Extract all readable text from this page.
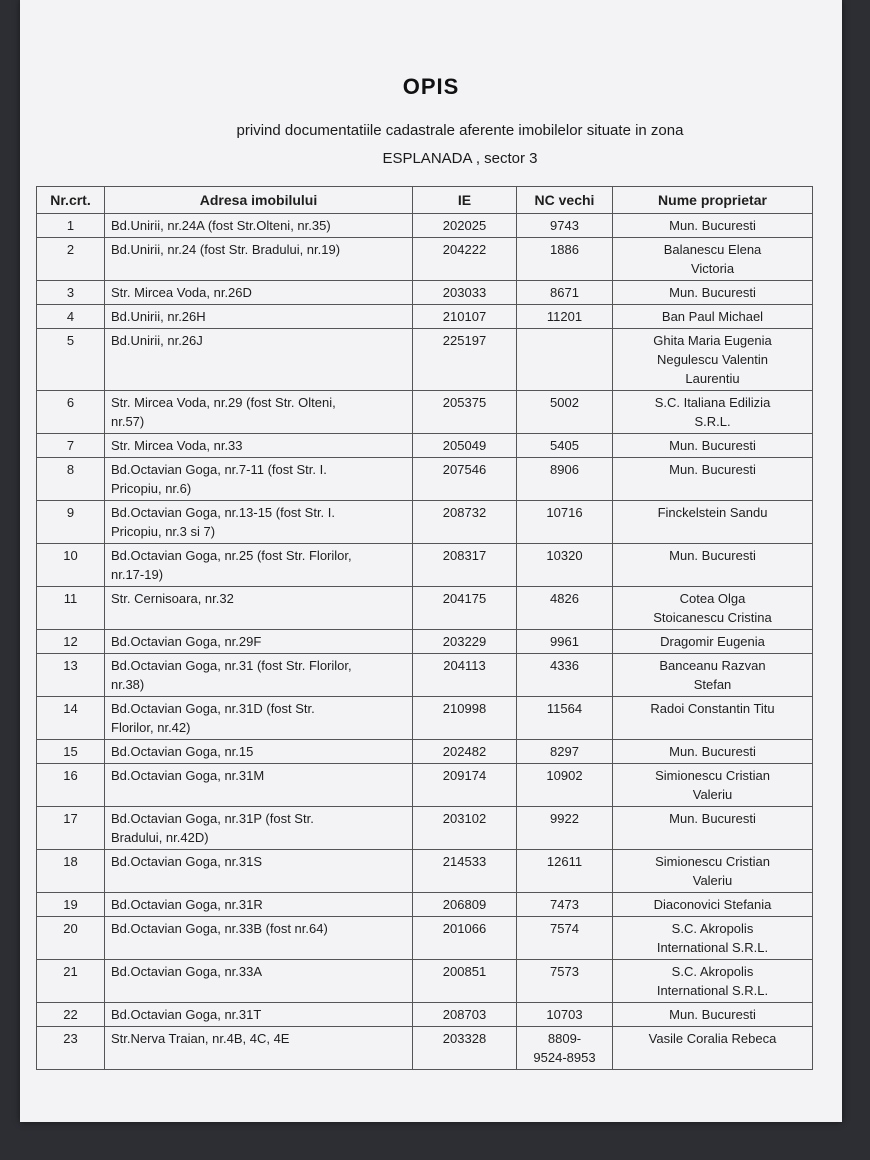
OPIS
privind documentatiile cadastrale aferente imobilelor situate in zona
ESPLANADA , sector 3
Nr.crt.	Adresa imobilului	IE	NC vechi	Nume proprietar
1	Bd.Unirii, nr.24A (fost Str.Olteni, nr.35)	202025	9743	Mun. Bucuresti

2	Bd.Unirii, nr.24 (fost Str. Bradului, nr.19)	204222	1886	Balanescu Elena
Victoria

3	Str. Mircea Voda, nr.26D	203033	8671	Mun. Bucuresti

4	Bd.Unirii, nr.26H	210107	11201	Ban Paul Michael

5	Bd.Unirii, nr.26J	225197		Ghita Maria Eugenia
Negulescu Valentin
Laurentiu

6	Str. Mircea Voda, nr.29 (fost Str. Olteni,
nr.57)	205375	5002	S.C. Italiana Edilizia
S.R.L.

7	Str. Mircea Voda, nr.33	205049	5405	Mun. Bucuresti

8	Bd.Octavian Goga, nr.7-11 (fost Str. I.
Pricopiu, nr.6)	207546	8906	Mun. Bucuresti

9	Bd.Octavian Goga, nr.13-15 (fost Str. I.
Pricopiu, nr.3 si 7)	208732	10716	Finckelstein Sandu

10	Bd.Octavian Goga, nr.25 (fost Str. Florilor,
nr.17-19)	208317	10320	Mun. Bucuresti

11	Str. Cernisoara, nr.32	204175	4826	Cotea Olga
Stoicanescu Cristina

12	Bd.Octavian Goga, nr.29F	203229	9961	Dragomir Eugenia

13	Bd.Octavian Goga, nr.31 (fost Str. Florilor,
nr.38)	204113	4336	Banceanu Razvan
Stefan

14	Bd.Octavian Goga, nr.31D (fost Str.
Florilor, nr.42)	210998	11564	Radoi Constantin Titu

15	Bd.Octavian Goga, nr.15	202482	8297	Mun. Bucuresti

16	Bd.Octavian Goga, nr.31M	209174	10902	Simionescu Cristian
Valeriu

17	Bd.Octavian Goga, nr.31P (fost Str.
Bradului, nr.42D)	203102	9922	Mun. Bucuresti

18	Bd.Octavian Goga, nr.31S	214533	12611	Simionescu Cristian
Valeriu

19	Bd.Octavian Goga, nr.31R	206809	7473	Diaconovici Stefania

20	Bd.Octavian Goga, nr.33B (fost nr.64)	201066	7574	S.C. Akropolis
International S.R.L.

21	Bd.Octavian Goga, nr.33A	200851	7573	S.C. Akropolis
International S.R.L.

22	Bd.Octavian Goga, nr.31T	208703	10703	Mun. Bucuresti

23	Str.Nerva Traian, nr.4B, 4C, 4E	203328	8809-
9524-8953	Vasile Coralia Rebeca
